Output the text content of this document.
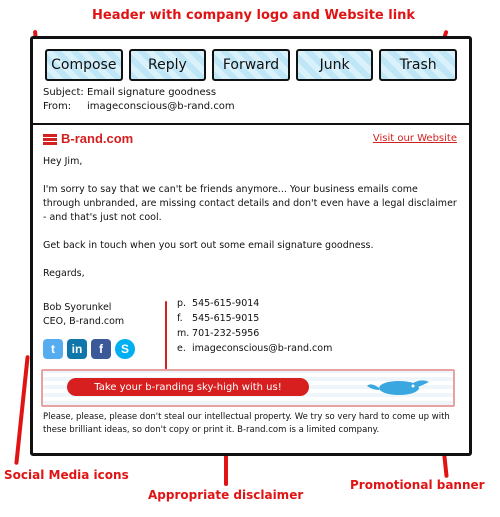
Header with company logo and Website link
Social Media icons
Appropriate disclaimer
Promotional banner
Compose	Reply	Forward	Junk	Trash
Subject: Email signature goodness
From: imageconscious@b-rand.com
B-rand.com	Visit our Website
Hey Jim,
I'm sorry to say that we can't be friends anymore... Your business emails come through unbranded, are missing contact details and don't even have a legal disclaimer - and that's just not cool.
Get back in touch when you sort out some email signature goodness.
Regards,
Bob Syorunkel
CEO, B-rand.com
p. 545-615-9014
f. 545-615-9015
m. 701-232-5956
e. imageconscious@b-rand.com
t	in	f	S
Take your b-randing sky-high with us!
Please, please, please don't steal our intellectual property. We try so very hard to come up with these brilliant ideas, so don't copy or print it. B-rand.com is a limited company.
